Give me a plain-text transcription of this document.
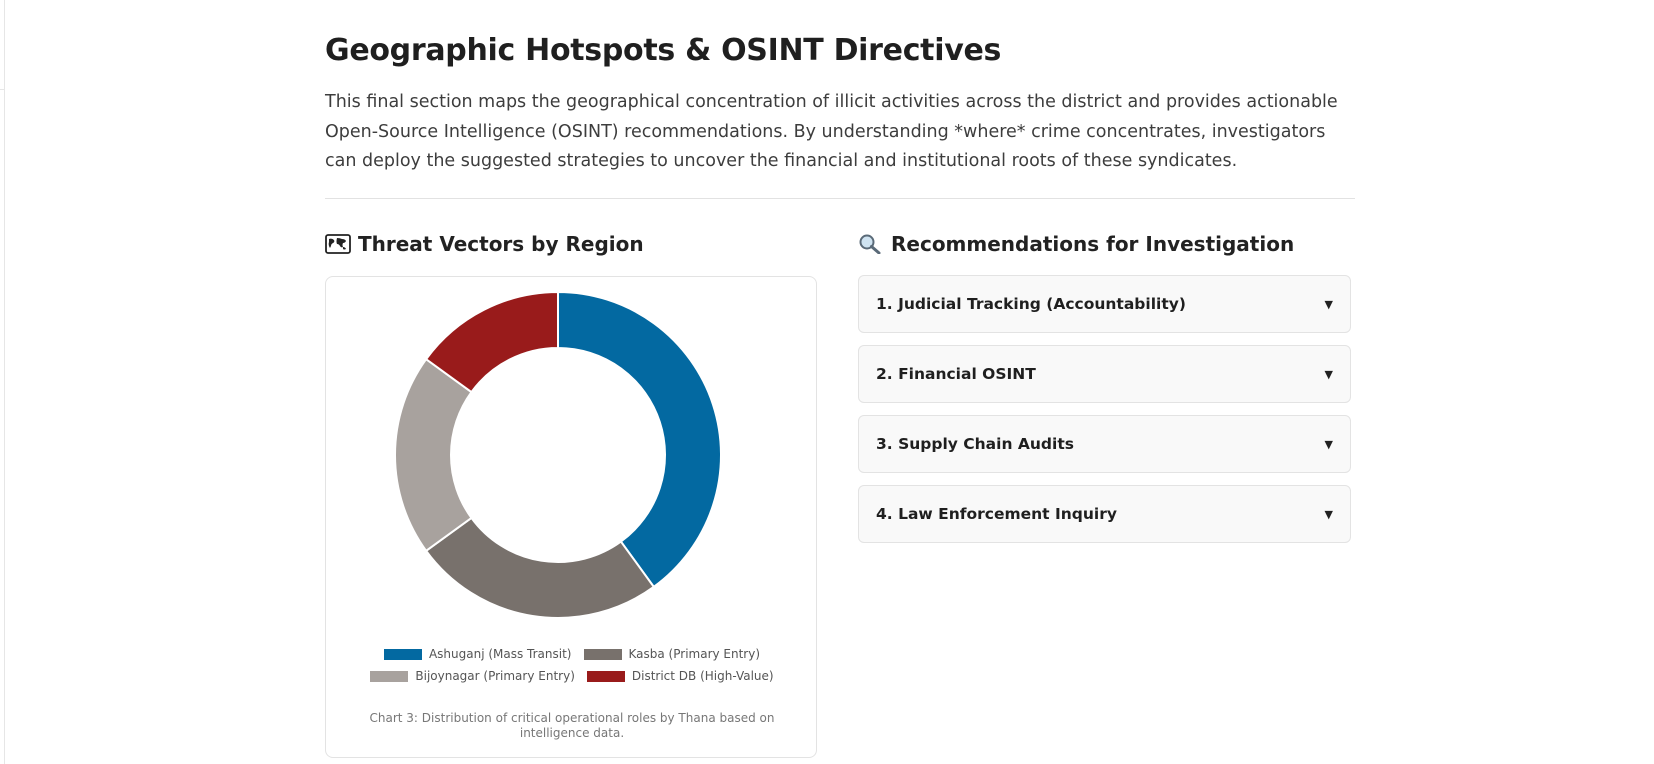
Geographic Hotspots & OSINT Directives

This final section maps the geographical concentration of illicit activities across the district and provides actionable Open-Source Intelligence (OSINT) recommendations. By understanding *where* crime concentrates, investigators can deploy the suggested strategies to uncover the financial and institutional roots of these syndicates.

Threat Vectors by Region	Recommendations for Investigation
Ashuganj (Mass Transit)	Kasba (Primary Entry)
Bijoynagar (Primary Entry)	District DB (High-Value)
Chart 3: Distribution of critical operational roles by Thana based on intelligence data.
1. Judicial Tracking (Accountability)	▼
2. Financial OSINT	▼
3. Supply Chain Audits	▼
4. Law Enforcement Inquiry	▼
